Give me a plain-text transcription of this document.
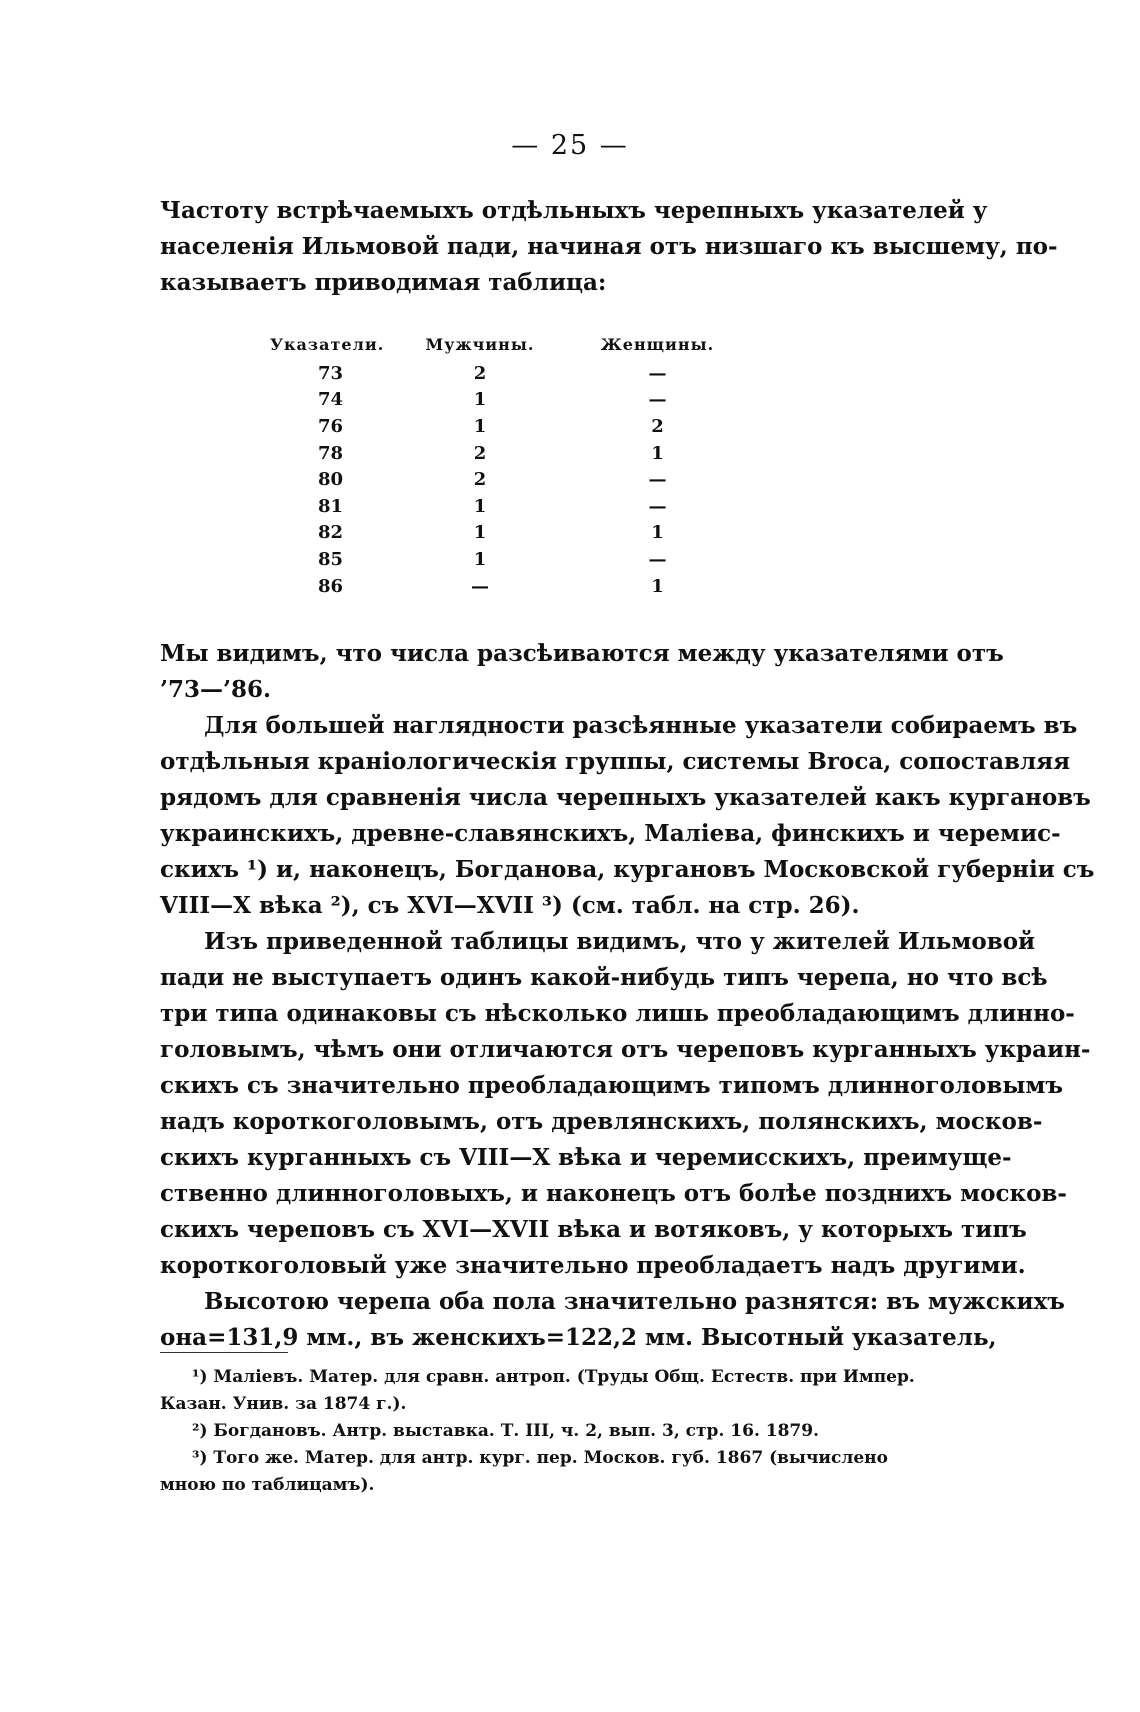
— 25 —
Частоту встрѣчаемыхъ отдѣльныхъ черепныхъ указателей у
населенія Ильмовой пади, начиная отъ низшаго къ высшему, по-
казываетъ приводимая таблица:
Указатели.	Мужчины.	Женщины.
73	2	—
74	1	—
76	1	2
78	2	1
80	2	—
81	1	—
82	1	1
85	1	—
86	—	1
Мы видимъ, что числа разсѣиваются между указателями отъ
’73—’86.
Для большей наглядности разсѣянные указатели собираемъ въ
отдѣльныя краніологическія группы, системы Broca, сопоставляя
рядомъ для сравненія числа черепныхъ указателей какъ кургановъ
украинскихъ, древне-славянскихъ, Маліева, финскихъ и черемис-
скихъ ¹) и, наконецъ, Богданова, кургановъ Московской губерніи съ
VIII—X вѣка ²), съ XVI—XVII ³) (см. табл. на стр. 26).
Изъ приведенной таблицы видимъ, что у жителей Ильмовой
пади не выступаетъ одинъ какой-нибудь типъ черепа, но что всѣ
три типа одинаковы съ нѣсколько лишь преобладающимъ длинно-
головымъ, чѣмъ они отличаются отъ череповъ курганныхъ украин-
скихъ съ значительно преобладающимъ типомъ длинноголовымъ
надъ короткоголовымъ, отъ древлянскихъ, полянскихъ, москов-
скихъ курганныхъ съ VIII—X вѣка и черемисскихъ, преимуще-
ственно длинноголовыхъ, и наконецъ отъ болѣе позднихъ москов-
скихъ череповъ съ XVI—XVII вѣка и вотяковъ, у которыхъ типъ
короткоголовый уже значительно преобладаетъ надъ другими.
Высотою черепа оба пола значительно разнятся: въ мужскихъ
она=131,9 мм., въ женскихъ=122,2 мм. Высотный указатель,
¹) Маліевъ. Матер. для сравн. антроп. (Труды Общ. Естеств. при Импер.
Казан. Унив. за 1874 г.).
²) Богдановъ. Антр. выставка. Т. III, ч. 2, вып. 3, стр. 16. 1879.
³) Того же. Матер. для антр. кург. пер. Москов. губ. 1867 (вычислено
мною по таблицамъ).
